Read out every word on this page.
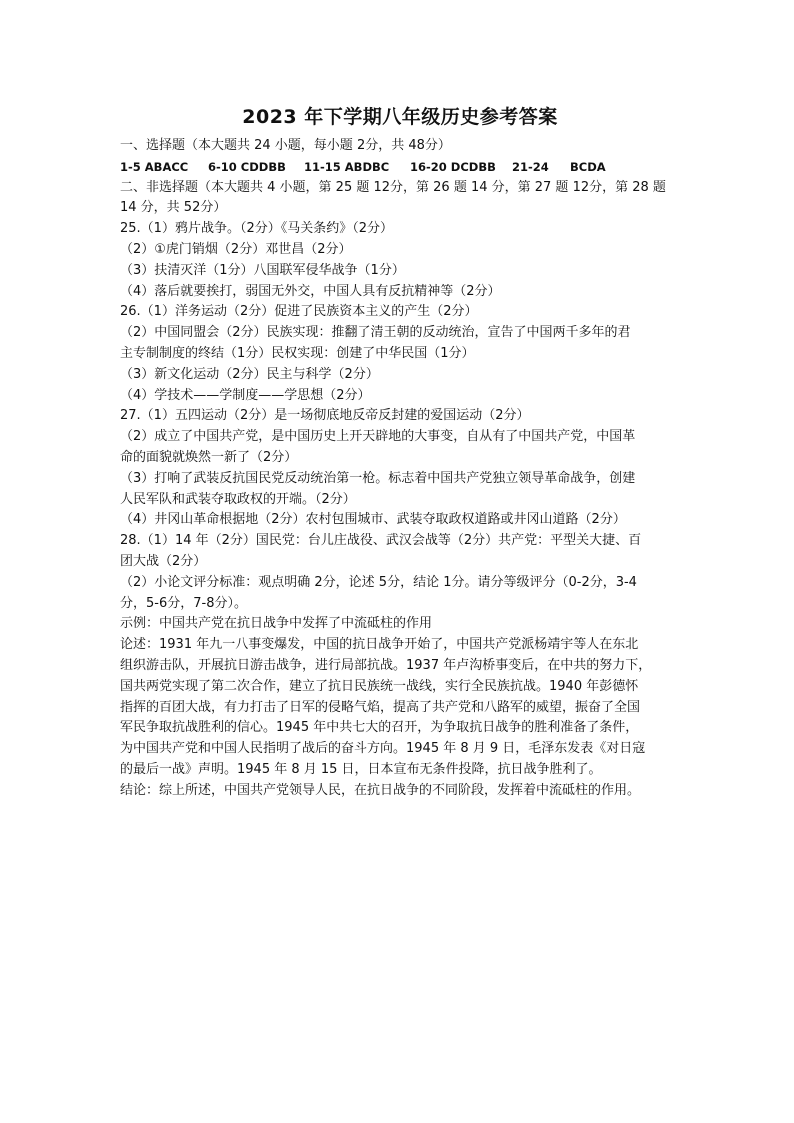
2023 年下学期八年级历史参考答案
一、选择题（本大题共 24 小题，每小题 2分，共 48分）
1-5 ABACC	6-10 CDDBB	11-15 ABDBC	16-20 DCDBB	21-24	BCDA
二、非选择题（本大题共 4 小题，第 25 题 12分，第 26 题 14 分，第 27 题 12分，第 28 题
14 分，共 52分）
25.（1）鸦片战争。（2分）《马关条约》（2分）
（2）①虎门销烟（2分）邓世昌（2分）
（3）扶清灭洋（1分）八国联军侵华战争（1分）
（4）落后就要挨打，弱国无外交，中国人具有反抗精神等（2分）
26.（1）洋务运动（2分）促进了民族资本主义的产生（2分）
（2）中国同盟会（2分）民族实现：推翻了清王朝的反动统治，宣告了中国两千多年的君
主专制制度的终结（1分）民权实现：创建了中华民国（1分）
（3）新文化运动（2分）民主与科学（2分）
（4）学技术——学制度——学思想（2分）
27.（1）五四运动（2分）是一场彻底地反帝反封建的爱国运动（2分）
（2）成立了中国共产党，是中国历史上开天辟地的大事变，自从有了中国共产党，中国革
命的面貌就焕然一新了（2分）
（3）打响了武装反抗国民党反动统治第一枪。标志着中国共产党独立领导革命战争，创建
人民军队和武装夺取政权的开端。（2分）
（4）井冈山革命根据地（2分）农村包围城市、武装夺取政权道路或井冈山道路（2分）
28.（1）14 年（2分）国民党：台儿庄战役、武汉会战等（2分）共产党：平型关大捷、百
团大战（2分）
（2）小论文评分标准：观点明确 2分，论述 5分，结论 1分。请分等级评分（0-2分，3-4
分，5-6分，7-8分）。
示例：中国共产党在抗日战争中发挥了中流砥柱的作用
论述：1931 年九一八事变爆发，中国的抗日战争开始了，中国共产党派杨靖宇等人在东北
组织游击队，开展抗日游击战争，进行局部抗战。1937 年卢沟桥事变后，在中共的努力下，
国共两党实现了第二次合作，建立了抗日民族统一战线，实行全民族抗战。1940 年彭德怀
指挥的百团大战，有力打击了日军的侵略气焰，提高了共产党和八路军的威望，振奋了全国
军民争取抗战胜利的信心。1945 年中共七大的召开，为争取抗日战争的胜利准备了条件，
为中国共产党和中国人民指明了战后的奋斗方向。1945 年 8 月 9 日，毛泽东发表《对日寇
的最后一战》声明。1945 年 8 月 15 日，日本宣布无条件投降，抗日战争胜利了。
结论：综上所述，中国共产党领导人民，在抗日战争的不同阶段，发挥着中流砥柱的作用。
